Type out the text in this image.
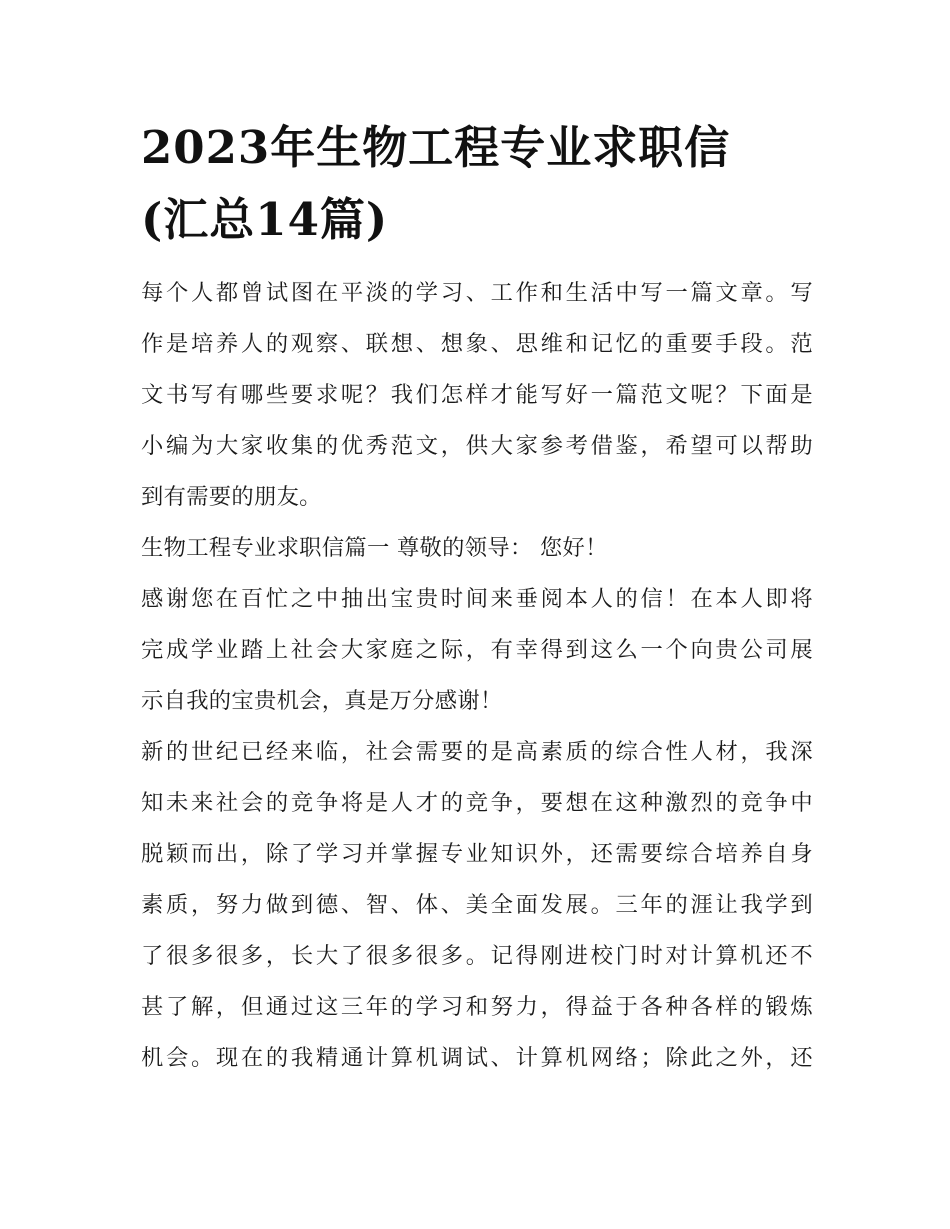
2023年生物工程专业求职信
(汇总14篇)

每个人都曾试图在平淡的学习、工作和生活中写一篇文章。写
作是培养人的观察、联想、想象、思维和记忆的重要手段。范
文书写有哪些要求呢？我们怎样才能写好一篇范文呢？下面是
小编为大家收集的优秀范文，供大家参考借鉴，希望可以帮助
到有需要的朋友。

生物工程专业求职信篇一 尊敬的领导： 您好！

感谢您在百忙之中抽出宝贵时间来垂阅本人的信！在本人即将
完成学业踏上社会大家庭之际，有幸得到这么一个向贵公司展
示自我的宝贵机会，真是万分感谢！

新的世纪已经来临，社会需要的是高素质的综合性人材，我深
知未来社会的竞争将是人才的竞争，要想在这种激烈的竞争中
脱颖而出，除了学习并掌握专业知识外，还需要综合培养自身
素质，努力做到德、智、体、美全面发展。三年的涯让我学到
了很多很多，长大了很多很多。记得刚进校门时对计算机还不
甚了解，但通过这三年的学习和努力，得益于各种各样的锻炼
机会。现在的我精通计算机调试、计算机网络；除此之外，还
